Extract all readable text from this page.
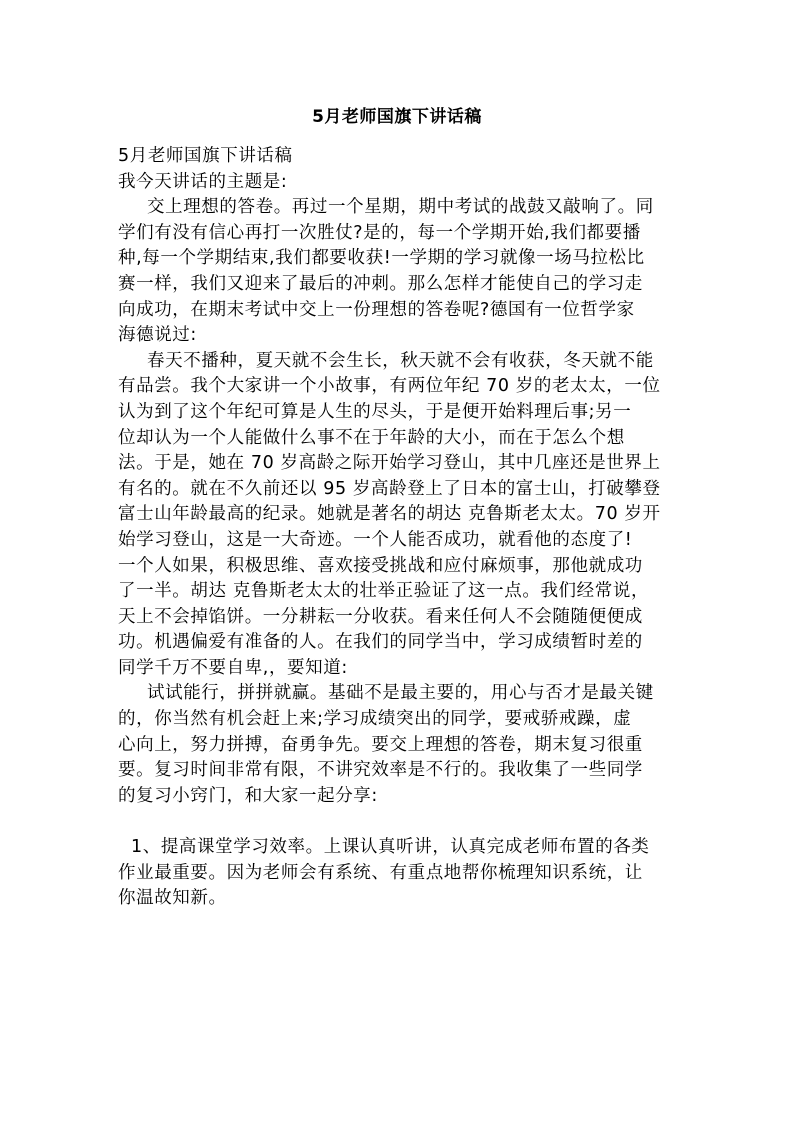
5月老师国旗下讲话稿
5月老师国旗下讲话稿
我今天讲话的主题是:
交上理想的答卷。再过一个星期，期中考试的战鼓又敲响了。同
学们有没有信心再打一次胜仗?是的，每一个学期开始,我们都要播
种,每一个学期结束,我们都要收获!一学期的学习就像一场马拉松比
赛一样，我们又迎来了最后的冲刺。那么怎样才能使自己的学习走
向成功，在期末考试中交上一份理想的答卷呢?德国有一位哲学家
海德说过:
春天不播种，夏天就不会生长，秋天就不会有收获，冬天就不能
有品尝。我个大家讲一个小故事，有两位年纪 70 岁的老太太，一位
认为到了这个年纪可算是人生的尽头，于是便开始料理后事;另一
位却认为一个人能做什么事不在于年龄的大小，而在于怎么个想
法。于是，她在 70 岁高龄之际开始学习登山，其中几座还是世界上
有名的。就在不久前还以 95 岁高龄登上了日本的富士山，打破攀登
富士山年龄最高的纪录。她就是著名的胡达 克鲁斯老太太。70 岁开
始学习登山，这是一大奇迹。一个人能否成功，就看他的态度了!
一个人如果，积极思维、喜欢接受挑战和应付麻烦事，那他就成功
了一半。胡达 克鲁斯老太太的壮举正验证了这一点。我们经常说，
天上不会掉馅饼。一分耕耘一分收获。看来任何人不会随随便便成
功。机遇偏爱有准备的人。在我们的同学当中，学习成绩暂时差的
同学千万不要自卑,，要知道:
试试能行，拼拼就赢。基础不是最主要的，用心与否才是最关键
的，你当然有机会赶上来;学习成绩突出的同学，要戒骄戒躁，虚
心向上，努力拼搏，奋勇争先。要交上理想的答卷，期末复习很重
要。复习时间非常有限，不讲究效率是不行的。我收集了一些同学
的复习小窍门，和大家一起分享:
1、提高课堂学习效率。上课认真听讲，认真完成老师布置的各类
作业最重要。因为老师会有系统、有重点地帮你梳理知识系统，让
你温故知新。
